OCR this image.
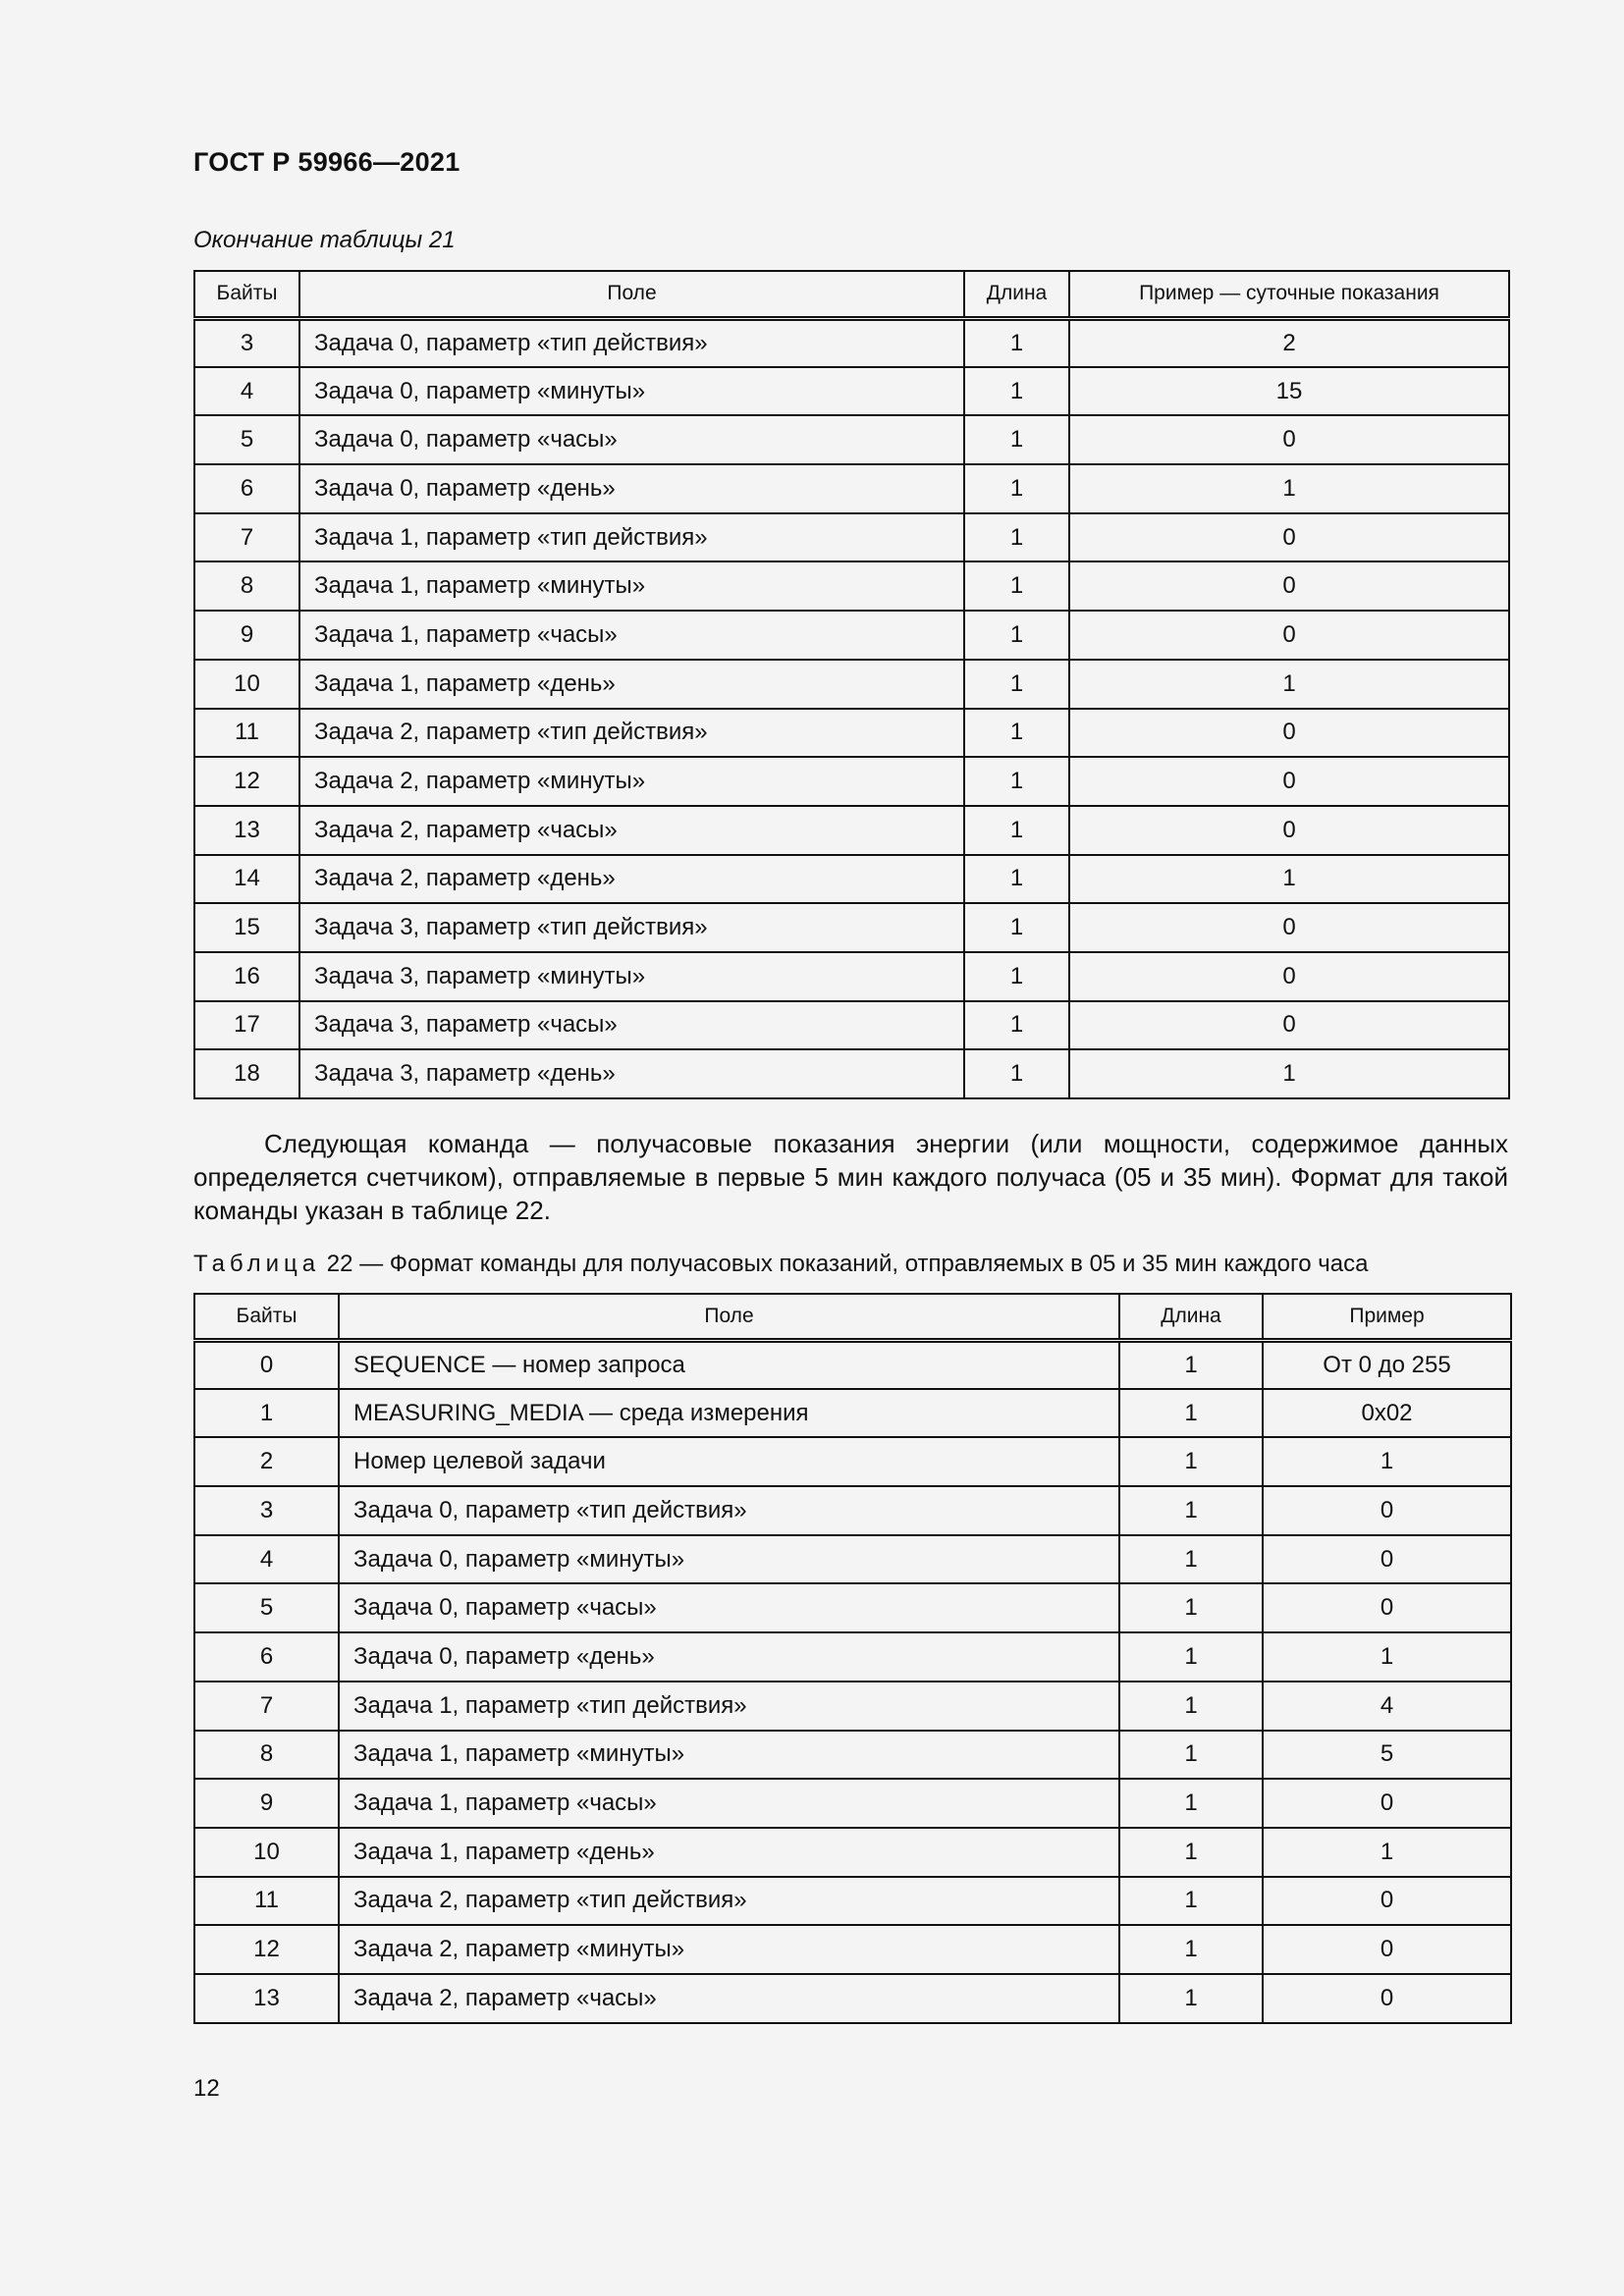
ГОСТ Р 59966—2021
Окончание таблицы 21
Байты	Поле	Длина	Пример — суточные показания
3	Задача 0, параметр «тип действия»	1	2
4	Задача 0, параметр «минуты»	1	15
5	Задача 0, параметр «часы»	1	0
6	Задача 0, параметр «день»	1	1
7	Задача 1, параметр «тип действия»	1	0
8	Задача 1, параметр «минуты»	1	0
9	Задача 1, параметр «часы»	1	0
10	Задача 1, параметр «день»	1	1
11	Задача 2, параметр «тип действия»	1	0
12	Задача 2, параметр «минуты»	1	0
13	Задача 2, параметр «часы»	1	0
14	Задача 2, параметр «день»	1	1
15	Задача 3, параметр «тип действия»	1	0
16	Задача 3, параметр «минуты»	1	0
17	Задача 3, параметр «часы»	1	0
18	Задача 3, параметр «день»	1	1

Следующая команда — получасовые показания энергии (или мощности, содержимое данных определяется счетчиком), отправляемые в первые 5 мин каждого получаса (05 и 35 мин). Формат для такой команды указан в таблице 22.

Таблица 22 — Формат команды для получасовых показаний, отправляемых в 05 и 35 мин каждого часа
Байты	Поле	Длина	Пример
0	SEQUENCE — номер запроса	1	От 0 до 255
1	MEASURING_MEDIA — среда измерения	1	0x02
2	Номер целевой задачи	1	1
3	Задача 0, параметр «тип действия»	1	0
4	Задача 0, параметр «минуты»	1	0
5	Задача 0, параметр «часы»	1	0
6	Задача 0, параметр «день»	1	1
7	Задача 1, параметр «тип действия»	1	4
8	Задача 1, параметр «минуты»	1	5
9	Задача 1, параметр «часы»	1	0
10	Задача 1, параметр «день»	1	1
11	Задача 2, параметр «тип действия»	1	0
12	Задача 2, параметр «минуты»	1	0
13	Задача 2, параметр «часы»	1	0
12
